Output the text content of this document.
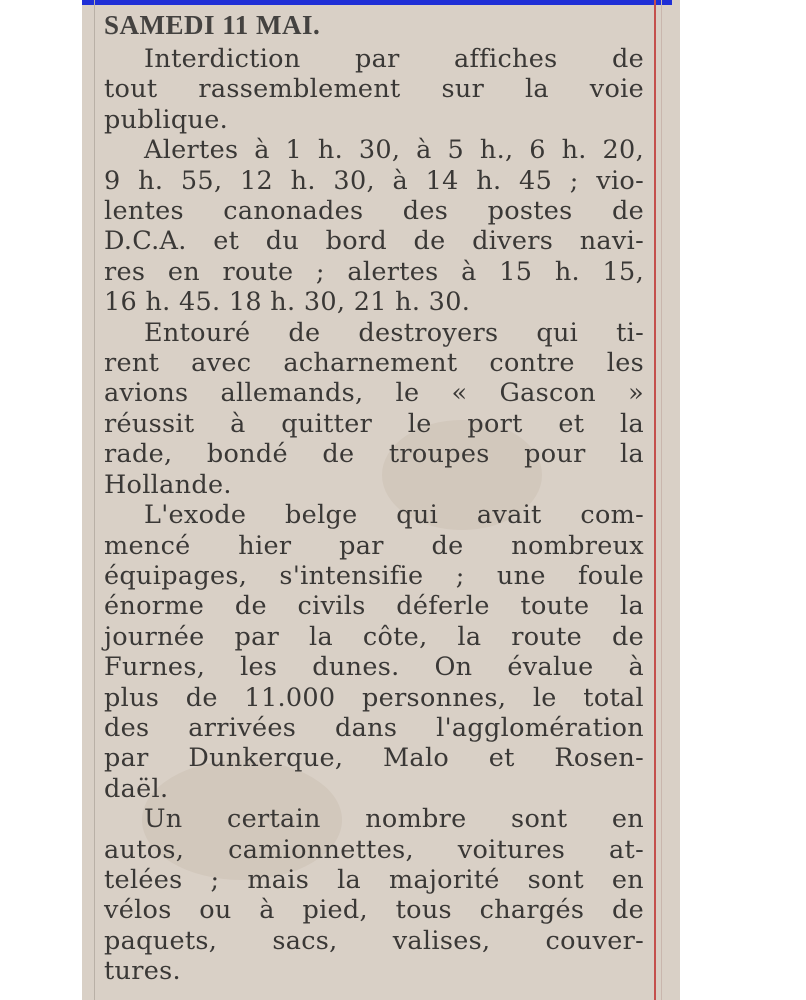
SAMEDI 11 MAI.
Interdiction par affiches de
tout rassemblement sur la voie
publique.
Alertes à 1 h. 30, à 5 h., 6 h. 20,
9 h. 55, 12 h. 30, à 14 h. 45 ; vio-
lentes canonades des postes de
D.C.A. et du bord de divers navi-
res en route ; alertes à 15 h. 15,
16 h. 45. 18 h. 30, 21 h. 30.
Entouré de destroyers qui ti-
rent avec acharnement contre les
avions allemands, le « Gascon »
réussit à quitter le port et la
rade, bondé de troupes pour la
Hollande.
L'exode belge qui avait com-
mencé hier par de nombreux
équipages, s'intensifie ; une foule
énorme de civils déferle toute la
journée par la côte, la route de
Furnes, les dunes. On évalue à
plus de 11.000 personnes, le total
des arrivées dans l'agglomération
par Dunkerque, Malo et Rosen-
daël.
Un certain nombre sont en
autos, camionnettes, voitures at-
telées ; mais la majorité sont en
vélos ou à pied, tous chargés de
paquets, sacs, valises, couver-
tures.
